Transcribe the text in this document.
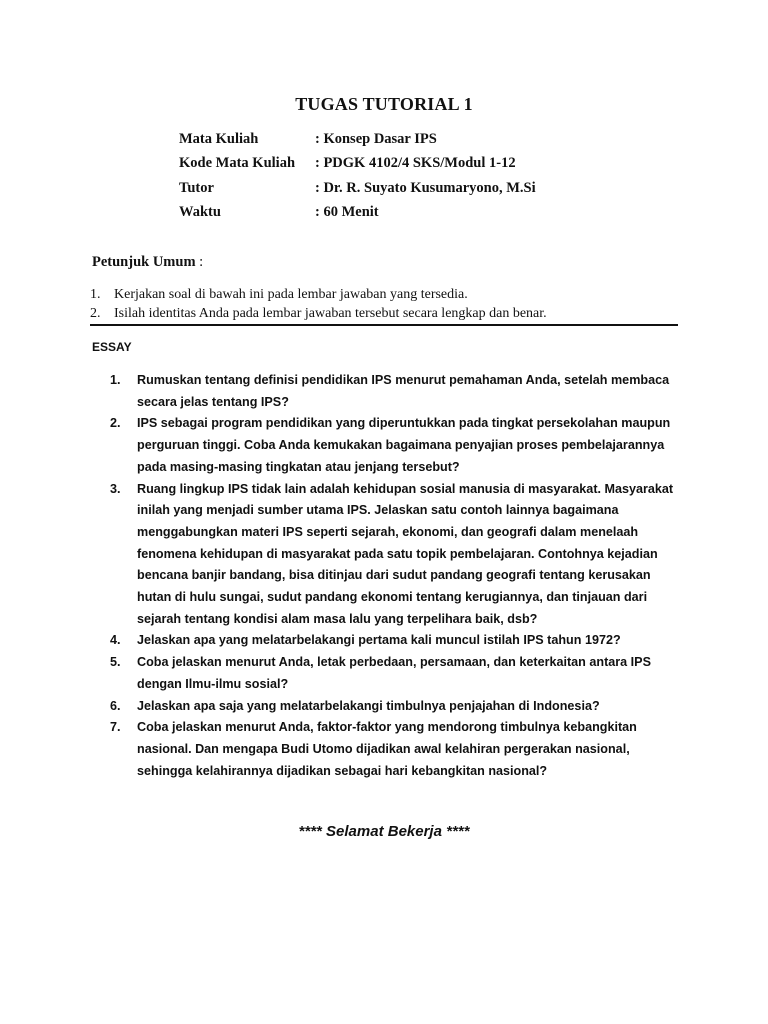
TUGAS TUTORIAL 1
Mata Kuliah	: Konsep Dasar IPS
Kode Mata Kuliah	: PDGK 4102/4 SKS/Modul 1-12
Tutor	: Dr. R. Suyato Kusumaryono, M.Si
Waktu	: 60 Menit
Petunjuk Umum :
1. Kerjakan soal di bawah ini pada lembar jawaban yang tersedia.
2. Isilah identitas Anda pada lembar jawaban tersebut secara lengkap dan benar.
ESSAY
1.	Rumuskan tentang definisi pendidikan IPS menurut pemahaman Anda, setelah membaca secara jelas tentang IPS?
2.	IPS sebagai program pendidikan yang diperuntukkan pada tingkat persekolahan maupun perguruan tinggi. Coba Anda kemukakan bagaimana penyajian proses pembelajarannya pada masing-masing tingkatan atau jenjang tersebut?
3.	Ruang lingkup IPS tidak lain adalah kehidupan sosial manusia di masyarakat. Masyarakat inilah yang menjadi sumber utama IPS. Jelaskan satu contoh lainnya bagaimana menggabungkan materi IPS seperti sejarah, ekonomi, dan geografi dalam menelaah fenomena kehidupan di masyarakat pada satu topik pembelajaran. Contohnya kejadian bencana banjir bandang, bisa ditinjau dari sudut pandang geografi tentang kerusakan hutan di hulu sungai, sudut pandang ekonomi tentang kerugiannya, dan tinjauan dari sejarah tentang kondisi alam masa lalu yang terpelihara baik, dsb?
4.	Jelaskan apa yang melatarbelakangi pertama kali muncul istilah IPS tahun 1972?
5.	Coba jelaskan menurut Anda, letak perbedaan, persamaan, dan keterkaitan antara IPS dengan Ilmu-ilmu sosial?
6.	Jelaskan apa saja yang melatarbelakangi timbulnya penjajahan di Indonesia?
7.	Coba jelaskan menurut Anda, faktor-faktor yang mendorong timbulnya kebangkitan nasional. Dan mengapa Budi Utomo dijadikan awal kelahiran pergerakan nasional, sehingga kelahirannya dijadikan sebagai hari kebangkitan nasional?
**** Selamat Bekerja ****
